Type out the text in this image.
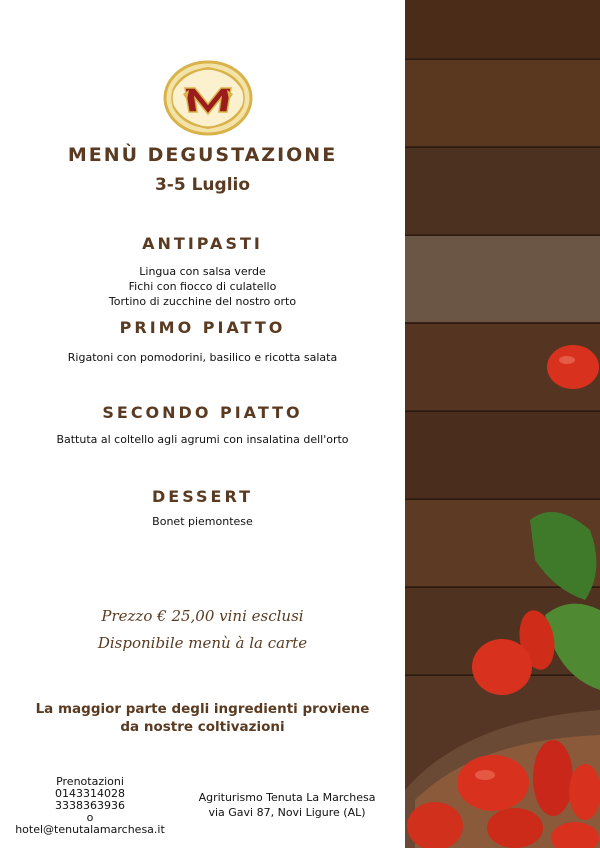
MENÙ DEGUSTAZIONE
3-5 Luglio
ANTIPASTI
Lingua con salsa verde
Fichi con fiocco di culatello
Tortino di zucchine del nostro orto
PRIMO PIATTO
Rigatoni con pomodorini, basilico e ricotta salata
SECONDO PIATTO
Battuta al coltello agli agrumi con insalatina dell'orto
DESSERT
Bonet piemontese
Prezzo € 25,00 vini esclusi
Disponibile menù à la carte
La maggior parte degli ingredienti proviene
da nostre coltivazioni
Prenotazioni
0143314028
3338363936
o
hotel@tenutalamarchesa.it
Agriturismo Tenuta La Marchesa
via Gavi 87, Novi Ligure (AL)
